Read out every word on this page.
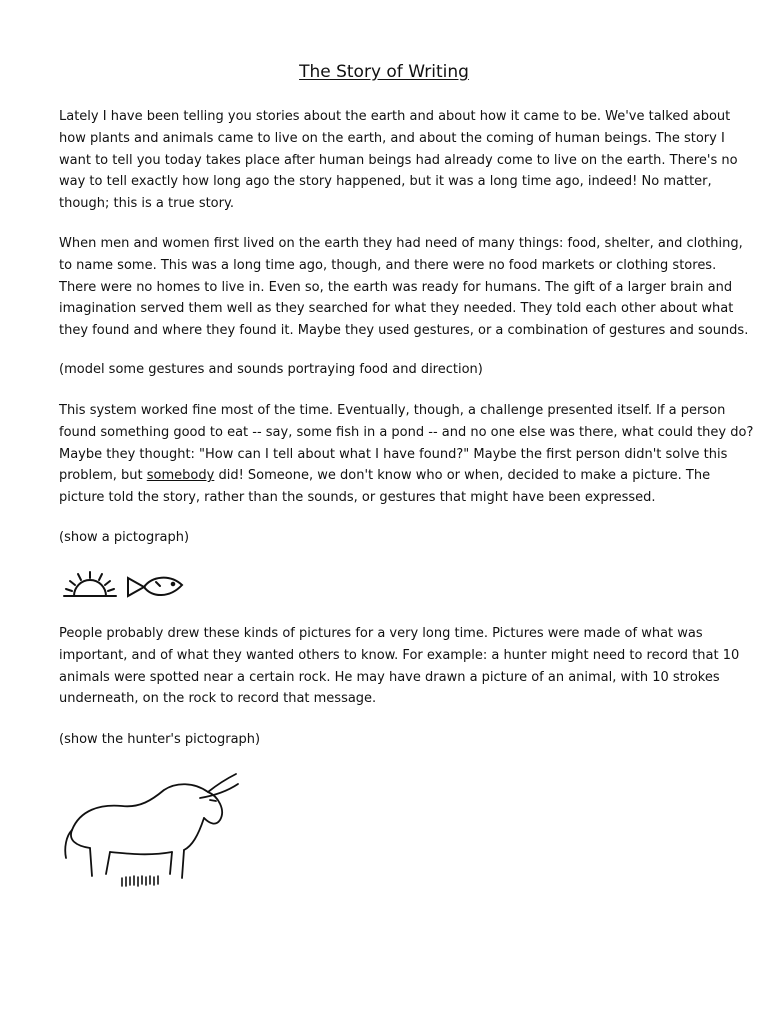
The Story of Writing

Lately I have been telling you stories about the earth and about how it came to be. We've talked about
how plants and animals came to live on the earth, and about the coming of human beings. The story I
want to tell you today takes place after human beings had already come to live on the earth. There's no
way to tell exactly how long ago the story happened, but it was a long time ago, indeed! No matter,
though; this is a true story.

When men and women first lived on the earth they had need of many things: food, shelter, and clothing,
to name some. This was a long time ago, though, and there were no food markets or clothing stores.
There were no homes to live in. Even so, the earth was ready for humans. The gift of a larger brain and
imagination served them well as they searched for what they needed. They told each other about what
they found and where they found it. Maybe they used gestures, or a combination of gestures and sounds.

(model some gestures and sounds portraying food and direction)

This system worked fine most of the time. Eventually, though, a challenge presented itself. If a person
found something good to eat -- say, some fish in a pond -- and no one else was there, what could they do?
Maybe they thought: "How can I tell about what I have found?" Maybe the first person didn't solve this
problem, but somebody did! Someone, we don't know who or when, decided to make a picture. The
picture told the story, rather than the sounds, or gestures that might have been expressed.

(show a pictograph)

People probably drew these kinds of pictures for a very long time. Pictures were made of what was
important, and of what they wanted others to know. For example: a hunter might need to record that 10
animals were spotted near a certain rock. He may have drawn a picture of an animal, with 10 strokes
underneath, on the rock to record that message.

(show the hunter's pictograph)
